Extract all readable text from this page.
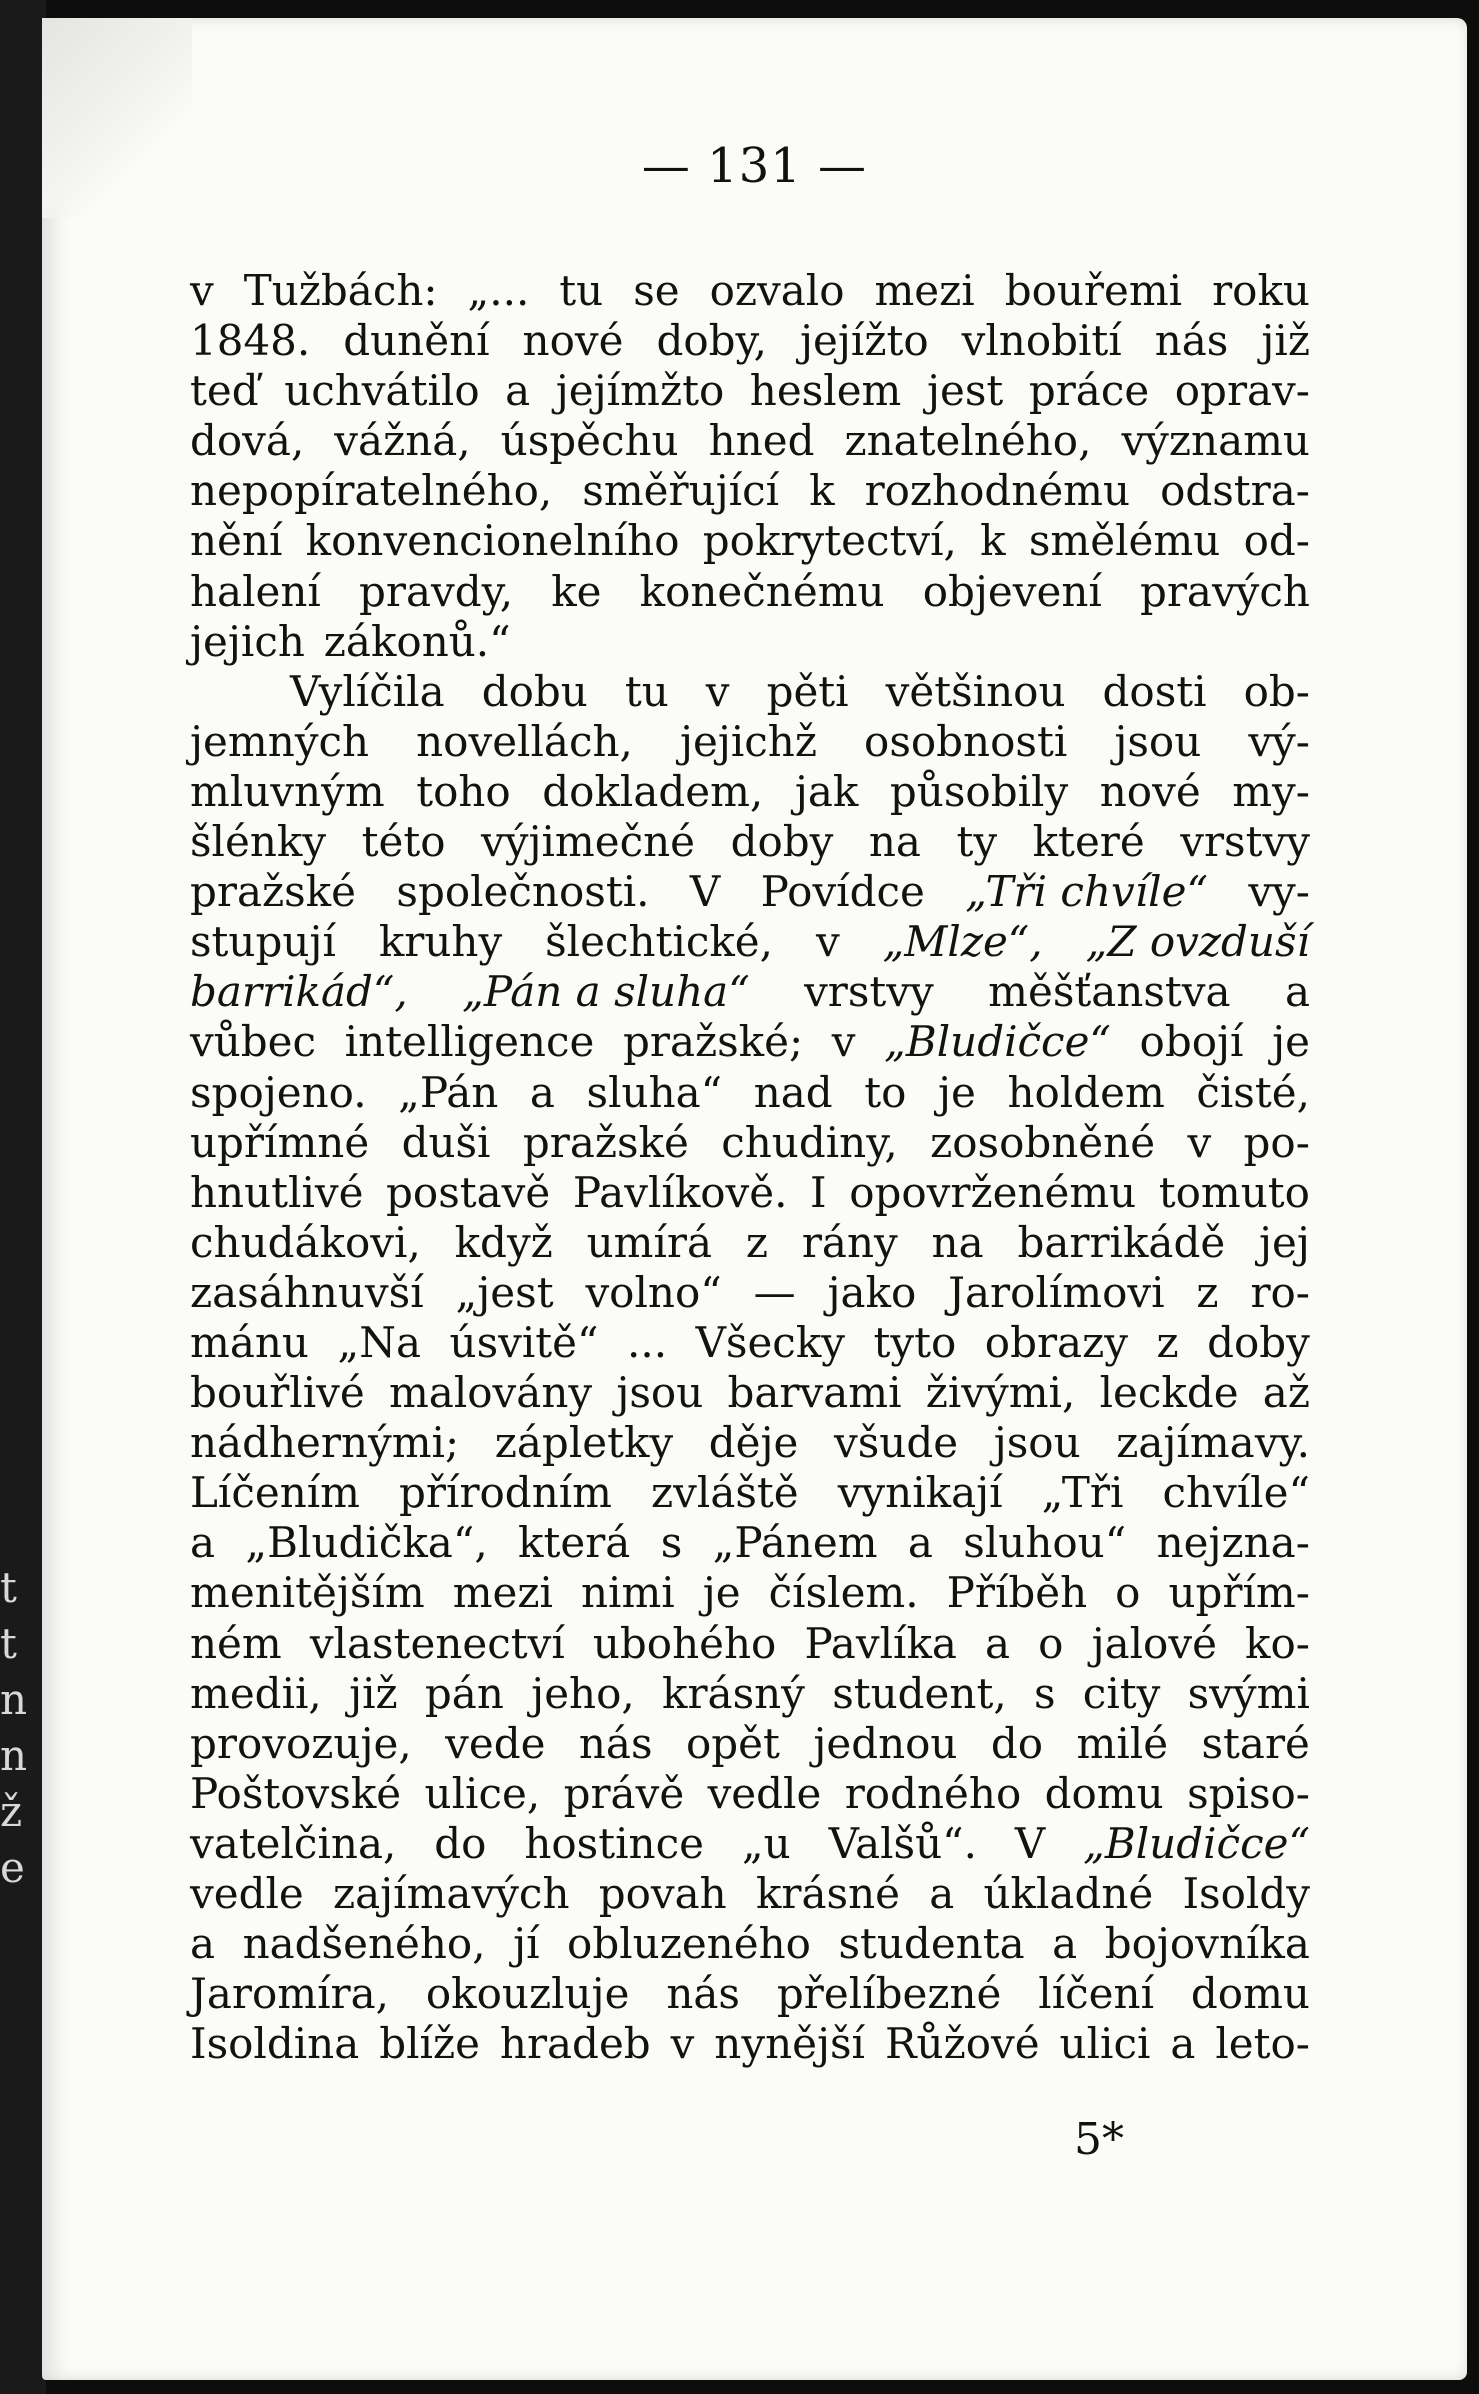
t
t
n
n
ž
e
— 131 —
v Tužbách: „... tu se ozvalo mezi bouřemi roku
1848. dunění nové doby, jejížto vlnobití nás již
teď uchvátilo a jejímžto heslem jest práce oprav-
dová, vážná, úspěchu hned znatelného, významu
nepopíratelného, směřující k rozhodnému odstra-
nění konvencionelního pokrytectví, k smělému od-
halení pravdy, ke konečnému objevení pravých
jejich zákonů.“
Vylíčila dobu tu v pěti většinou dosti ob-
jemných novellách, jejichž osobnosti jsou vý-
mluvným toho dokladem, jak působily nové my-
šlénky této výjimečné doby na ty které vrstvy
pražské společnosti. V Povídce „Tři chvíle“ vy-
stupují kruhy šlechtické, v „Mlze“, „Z ovzduší
barrikád“, „Pán a sluha“ vrstvy měšťanstva a
vůbec intelligence pražské; v „Bludičce“ obojí je
spojeno. „Pán a sluha“ nad to je holdem čisté,
upřímné duši pražské chudiny, zosobněné v po-
hnutlivé postavě Pavlíkově. I opovrženému tomuto
chudákovi, když umírá z rány na barrikádě jej
zasáhnuvší „jest volno“ — jako Jarolímovi z ro-
mánu „Na úsvitě“ ... Všecky tyto obrazy z doby
bouřlivé malovány jsou barvami živými, leckde až
nádhernými; zápletky děje všude jsou zajímavy.
Líčením přírodním zvláště vynikají „Tři chvíle“
a „Bludička“, která s „Pánem a sluhou“ nejzna-
menitějším mezi nimi je číslem. Příběh o upřím-
ném vlastenectví ubohého Pavlíka a o jalové ko-
medii, již pán jeho, krásný student, s city svými
provozuje, vede nás opět jednou do milé staré
Poštovské ulice, právě vedle rodného domu spiso-
vatelčina, do hostince „u Valšů“. V „Bludičce“
vedle zajímavých povah krásné a úkladné Isoldy
a nadšeného, jí obluzeného studenta a bojovníka
Jaromíra, okouzluje nás přelíbezné líčení domu
Isoldina blíže hradeb v nynější Růžové ulici a leto-
5*
